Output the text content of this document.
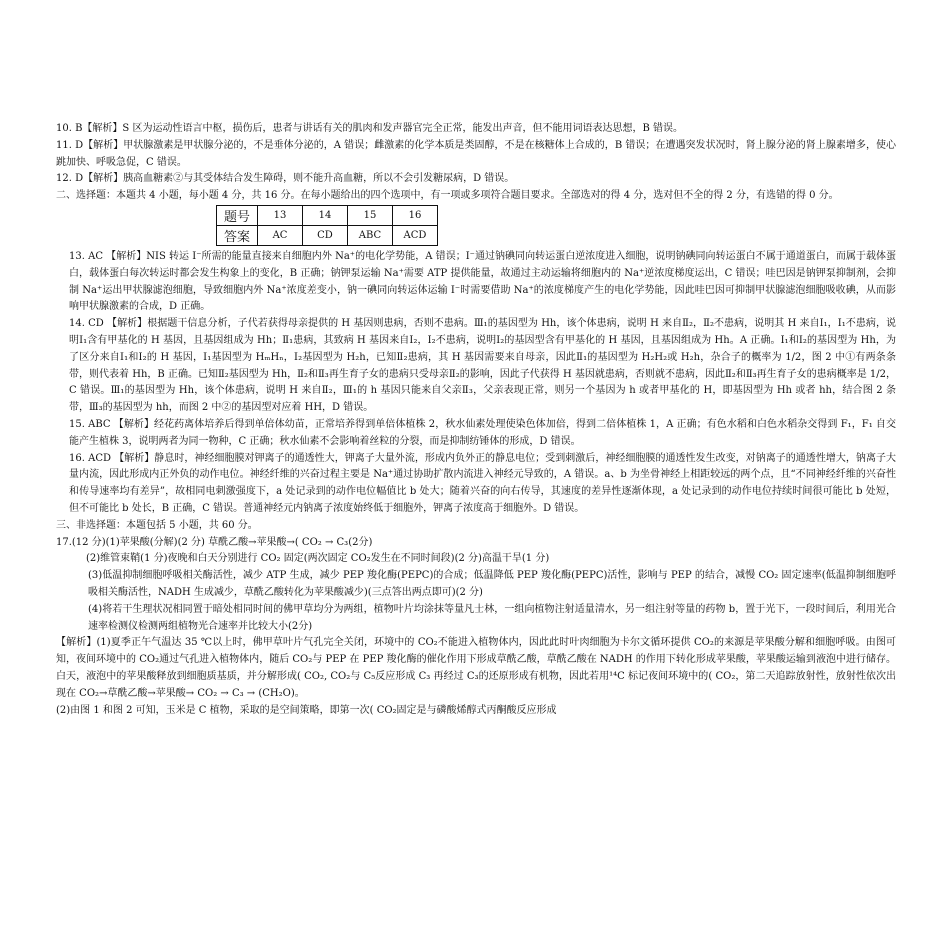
10. B【解析】S 区为运动性语言中枢，损伤后，患者与讲话有关的肌肉和发声器官完全正常，能发出声音，但不能用词语表达思想，B 错误。

11. D【解析】甲状腺激素是甲状腺分泌的，不是垂体分泌的，A 错误；雌激素的化学本质是类固醇，不是在核糖体上合成的，B 错误；在遭遇突发状况时，肾上腺分泌的肾上腺素增多，使心跳加快、呼吸急促，C 错误。

12. D【解析】胰高血糖素②与其受体结合发生障碍，则不能升高血糖，所以不会引发糖尿病，D 错误。

二、选择题：本题共 4 小题，每小题 4 分，共 16 分。在每小题给出的四个选项中，有一项或多项符合题目要求。全部选对的得 4 分，选对但不全的得 2 分，有选错的得 0 分。

题号	13	14	15	16
答案	AC	CD	ABC	ACD

13. AC 【解析】NIS 转运 I⁻所需的能量直接来自细胞内外 Na⁺的电化学势能，A 错误；I⁻通过钠碘同向转运蛋白逆浓度进入细胞，说明钠碘同向转运蛋白不属于通道蛋白，而属于载体蛋白，载体蛋白每次转运时都会发生构象上的变化，B 正确；钠钾泵运输 Na⁺需要 ATP 提供能量，故通过主动运输将细胞内的 Na⁺逆浓度梯度运出，C 错误；哇巴因是钠钾泵抑制剂，会抑制 Na⁺运出甲状腺滤泡细胞，导致细胞内外 Na⁺浓度差变小，钠一碘同向转运体运输 I⁻时需要借助 Na⁺的浓度梯度产生的电化学势能，因此哇巴因可抑制甲状腺滤泡细胞吸收碘，从而影响甲状腺激素的合成，D 正确。

14. CD 【解析】根据题干信息分析，子代若获得母亲提供的 H 基因则患病，否则不患病。Ⅲ₁的基因型为 Hh，该个体患病，说明 H 来自Ⅱ₂，Ⅱ₂不患病，说明其 H 来自Ⅰ₁，Ⅰ₁不患病，说明Ⅰ₁含有甲基化的 H 基因，且基因组成为 Hh；Ⅱ₁患病，其致病 H 基因来自Ⅰ₂，Ⅰ₂不患病，说明Ⅰ₂的基因型含有甲基化的 H 基因，且基因组成为 Hh。A 正确。Ⅰ₁和Ⅰ₂的基因型为 Hh，为了区分来自Ⅰ₁和Ⅰ₂的 H 基因，Ⅰ₁基因型为 HₘHₙ，Ⅰ₂基因型为 H₂h，已知Ⅱ₂患病，其 H 基因需要来自母亲，因此Ⅱ₁的基因型为 H₂H₂或 H₂h，杂合子的概率为 1/2，图 2 中①有两条条带，则代表着 Hh，B 正确。已知Ⅱ₂基因型为 Hh，Ⅱ₂和Ⅱ₃再生育子女的患病只受母亲Ⅱ₂的影响，因此子代获得 H 基因就患病，否则就不患病，因此Ⅱ₂和Ⅱ₃再生育子女的患病概率是 1/2，C 错误。Ⅲ₁的基因型为 Hh，该个体患病，说明 H 来自Ⅱ₂，Ⅲ₁的 h 基因只能来自父亲Ⅱ₃，父亲表现正常，则另一个基因为 h 或者甲基化的 H，即基因型为 Hh 或者 hh，结合图 2 条带，Ⅲ₃的基因型为 hh，而图 2 中②的基因型对应着 HH，D 错误。

15. ABC 【解析】经花药离体培养后得到单倍体幼苗，正常培养得到单倍体植株 2，秋水仙素处理使染色体加倍，得到二倍体植株 1，A 正确；有色水稻和白色水稻杂交得到 F₁，F₁ 自交能产生植株 3，说明两者为同一物种，C 正确；秋水仙素不会影响着丝粒的分裂，而是抑制纺锤体的形成，D 错误。

16. ACD 【解析】静息时，神经细胞膜对钾离子的通透性大，钾离子大量外流，形成内负外正的静息电位；受到刺激后，神经细胞膜的通透性发生改变，对钠离子的通透性增大，钠离子大量内流，因此形成内正外负的动作电位。神经纤维的兴奋过程主要是 Na⁺通过协助扩散内流进入神经元导致的，A 错误。a、b 为坐骨神经上相距较远的两个点，且“不同神经纤维的兴奋性和传导速率均有差异”，故相同电刺激强度下，a 处记录到的动作电位幅值比 b 处大；随着兴奋的向右传导，其速度的差异性逐渐体现，a 处记录到的动作电位持续时间很可能比 b 处短，但不可能比 b 处长，B 正确，C 错误。普通神经元内钠离子浓度始终低于细胞外，钾离子浓度高于细胞外。D 错误。

三、非选择题：本题包括 5 小题，共 60 分。

17.(12 分)(1)苹果酸(分解)(2 分) 草酰乙酸→苹果酸→( CO₂ → C₃(2分)

(2)维管束鞘(1 分)夜晚和白天分别进行 CO₂ 固定(两次固定 CO₂发生在不同时间段)(2 分)高温干旱(1 分)

(3)低温抑制细胞呼吸相关酶活性，减少 ATP 生成，减少 PEP 羧化酶(PEPC)的合成；低温降低 PEP 羧化酶(PEPC)活性，影响与 PEP 的结合，减慢 CO₂ 固定速率(低温抑制细胞呼吸相关酶活性，NADH 生成减少，草酰乙酸转化为苹果酸减少)(三点答出两点即可)(2 分)

(4)将若干生理状况相同置于暗处相同时间的佛甲草均分为两组，植物叶片均涂抹等量凡士林，一组向植物注射适量清水，另一组注射等量的药物 b，置于光下，一段时间后，利用光合速率检测仪检测两组植物光合速率并比较大小(2分)

【解析】(1)夏季正午气温达 35 ℃以上时，佛甲草叶片气孔完全关闭，环境中的 CO₂不能进入植物体内，因此此时叶肉细胞为卡尔文循环提供 CO₂的来源是苹果酸分解和细胞呼吸。由图可知，夜间环境中的 CO₂通过气孔进入植物体内，随后 CO₂与 PEP 在 PEP 羧化酶的催化作用下形成草酰乙酸，草酰乙酸在 NADH 的作用下转化形成苹果酸，苹果酸运输到液泡中进行储存。白天，液泡中的苹果酸释放到细胞质基质，并分解形成( CO₂, CO₂与 C₅反应形成 C₃ 再经过 C₃的还原形成有机物，因此若用¹⁴C 标记夜间环境中的( CO₂，第二天追踪放射性，放射性依次出现在 CO₂→草酰乙酸→苹果酸→ CO₂ → C₃ → (CH₂O)。

(2)由图 1 和图 2 可知，玉米是 C 植物，采取的是空间策略，即第一次( CO₂固定是与磷酸烯醇式丙酮酸反应形成
